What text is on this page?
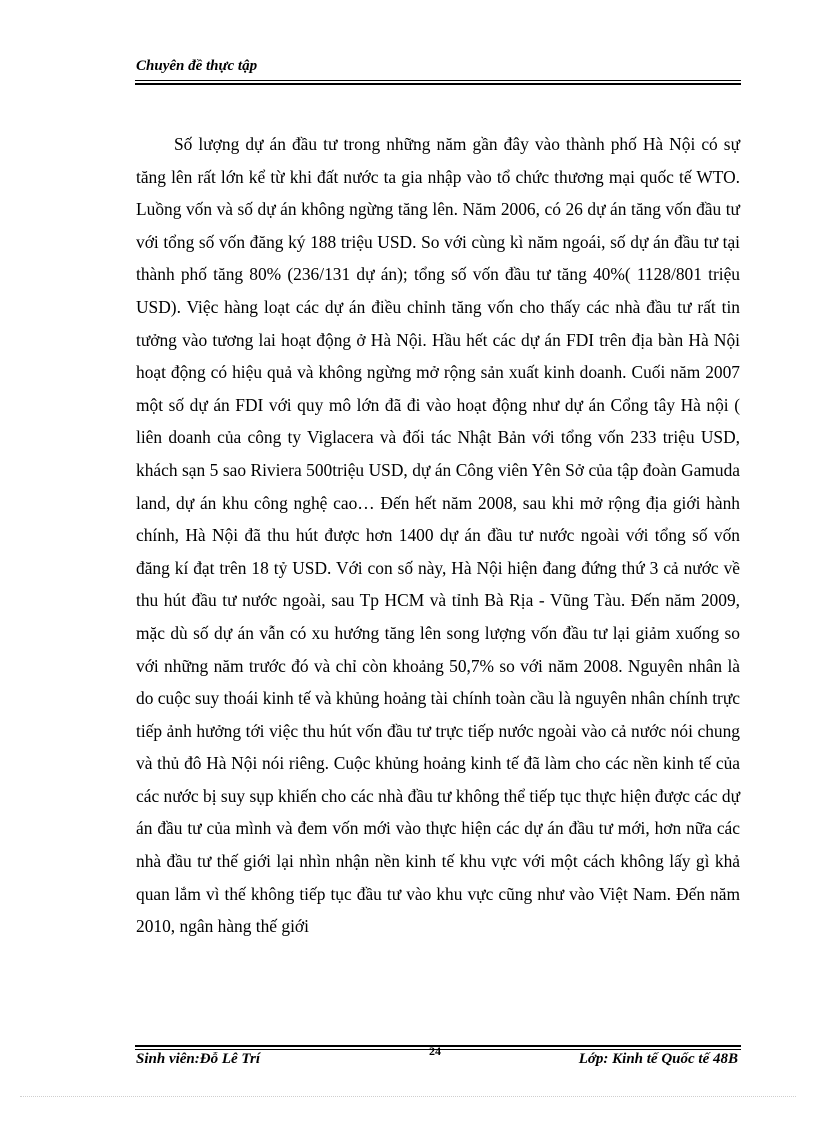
Chuyên đề thực tập

Số lượng dự án đầu tư trong những năm gần đây vào thành phố Hà Nội có sự tăng lên rất lớn kể từ khi đất nước ta gia nhập vào tổ chức thương mại quốc tế WTO. Luồng vốn và số dự án không ngừng tăng lên. Năm 2006, có 26 dự án tăng vốn đầu tư với tổng số vốn đăng ký 188 triệu USD. So với cùng kì năm ngoái, số dự án đầu tư tại thành phố tăng 80% (236/131 dự án); tổng số vốn đầu tư tăng 40%( 1128/801 triệu USD). Việc hàng loạt các dự án điều chỉnh tăng vốn cho thấy các nhà đầu tư rất tin tưởng vào tương lai hoạt động ở Hà Nội. Hầu hết các dự án FDI trên địa bàn Hà Nội hoạt động có hiệu quả và không ngừng mở rộng sản xuất kinh doanh. Cuối năm 2007 một số dự án FDI với quy mô lớn đã đi vào hoạt động như dự án Cổng tây Hà nội ( liên doanh của công ty Viglacera và đối tác Nhật Bản với tổng vốn 233 triệu USD, khách sạn 5 sao Riviera 500triệu USD, dự án Công viên Yên Sở của tập đoàn Gamuda land, dự án khu công nghệ cao… Đến hết năm 2008, sau khi mở rộng địa giới hành chính, Hà Nội đã thu hút được hơn 1400 dự án đầu tư nước ngoài với tổng số vốn đăng kí đạt trên 18 tỷ USD. Với con số này, Hà Nội hiện đang đứng thứ 3 cả nước về thu hút đầu tư nước ngoài, sau Tp HCM và tỉnh Bà Rịa - Vũng Tàu. Đến năm 2009, mặc dù số dự án vẫn có xu hướng tăng lên song lượng vốn đầu tư lại giảm xuống so với những năm trước đó và chỉ còn khoảng 50,7% so với năm 2008. Nguyên nhân là do cuộc suy thoái kinh tế và khủng hoảng tài chính toàn cầu là nguyên nhân chính trực tiếp ảnh hưởng tới việc thu hút vốn đầu tư trực tiếp nước ngoài vào cả nước nói chung và thủ đô Hà Nội nói riêng. Cuộc khủng hoảng kinh tế đã làm cho các nền kinh tế của các nước bị suy sụp khiến cho các nhà đầu tư không thể tiếp tục thực hiện được các dự án đầu tư của mình và đem vốn mới vào thực hiện các dự án đầu tư mới, hơn nữa các nhà đầu tư thế giới lại nhìn nhận nền kinh tế khu vực với một cách không lấy gì khả quan lắm vì thế không tiếp tục đầu tư vào khu vực cũng như vào Việt Nam. Đến năm 2010, ngân hàng thế giới

Sinh viên:Đỗ Lê Trí	24	Lớp: Kinh tế Quốc tế 48B
